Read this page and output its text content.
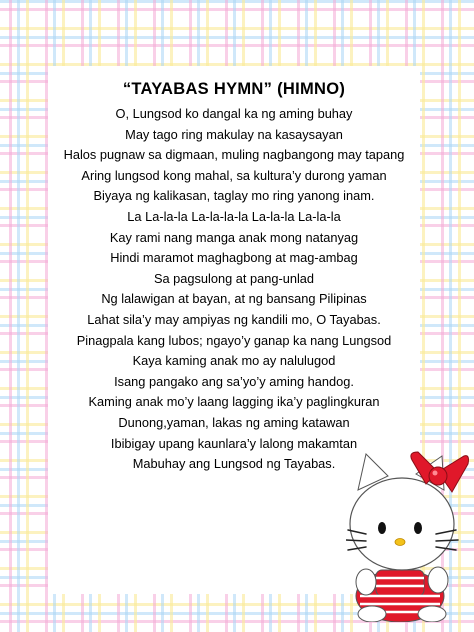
“TAYABAS HYMN” (HIMNO)
O, Lungsod ko dangal ka ng aming buhay
May tago ring makulay na kasaysayan
Halos pugnaw sa digmaan, muling nagbangong may tapang
Aring lungsod kong mahal, sa kultura’y durong yaman
Biyaya ng kalikasan, taglay mo ring yanong inam.
La La-la-la La-la-la-la La-la-la La-la-la
Kay rami nang manga anak mong natanyag
Hindi maramot maghagbong at mag-ambag
Sa pagsulong at pang-unlad
Ng lalawigan at bayan, at ng bansang Pilipinas
Lahat sila’y may ampiyas ng kandili mo, O Tayabas.
Pinagpala kang lubos; ngayo’y ganap ka nang Lungsod
Kaya kaming anak mo ay nalulugod
Isang pangako ang sa’yo’y aming handog.
Kaming anak mo’y laang lagging ika’y paglingkuran
Dunong,yaman, lakas ng aming katawan
Ibibigay upang kaunlara’y lalong makamtan
Mabuhay ang Lungsod ng Tayabas.
